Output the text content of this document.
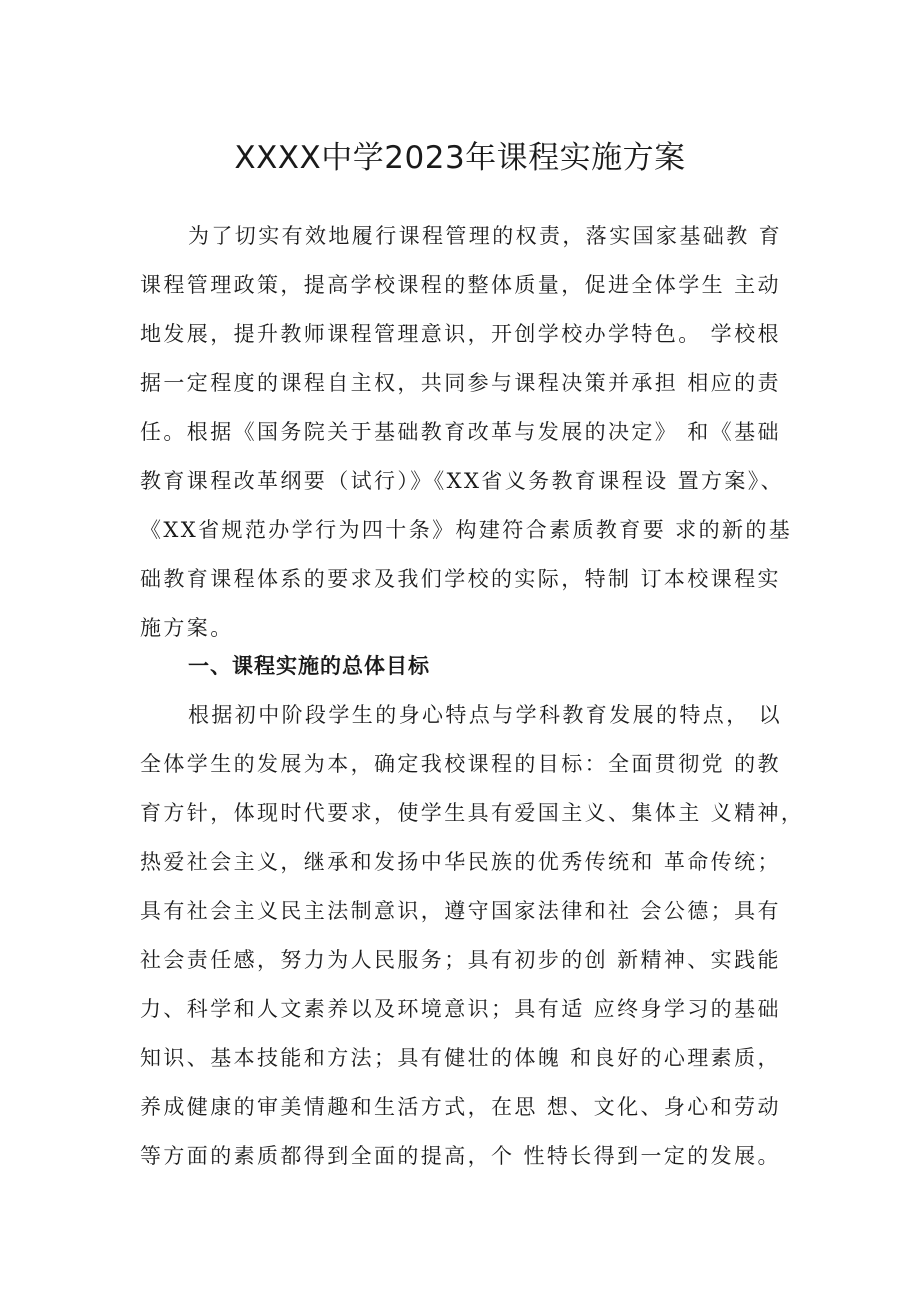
XXXX中学2023年课程实施方案
为了切实有效地履行课程管理的权责，落实国家基础教 育
课程管理政策，提高学校课程的整体质量，促进全体学生 主动
地发展，提升教师课程管理意识，开创学校办学特色。 学校根
据一定程度的课程自主权，共同参与课程决策并承担 相应的责
任。根据《国务院关于基础教育改革与发展的决定》 和《基础
教育课程改革纲要（试行）》《XX省义务教育课程设 置方案》、
《XX省规范办学行为四十条》构建符合素质教育要 求的新的基
础教育课程体系的要求及我们学校的实际，特制 订本校课程实
施方案。
一、课程实施的总体目标
根据初中阶段学生的身心特点与学科教育发展的特点， 以
全体学生的发展为本，确定我校课程的目标：全面贯彻党 的教
育方针，体现时代要求，使学生具有爱国主义、集体主 义精神，
热爱社会主义，继承和发扬中华民族的优秀传统和 革命传统；
具有社会主义民主法制意识，遵守国家法律和社 会公德；具有
社会责任感，努力为人民服务；具有初步的创 新精神、实践能
力、科学和人文素养以及环境意识；具有适 应终身学习的基础
知识、基本技能和方法；具有健壮的体魄 和良好的心理素质，
养成健康的审美情趣和生活方式，在思 想、文化、身心和劳动
等方面的素质都得到全面的提高，个 性特长得到一定的发展。
